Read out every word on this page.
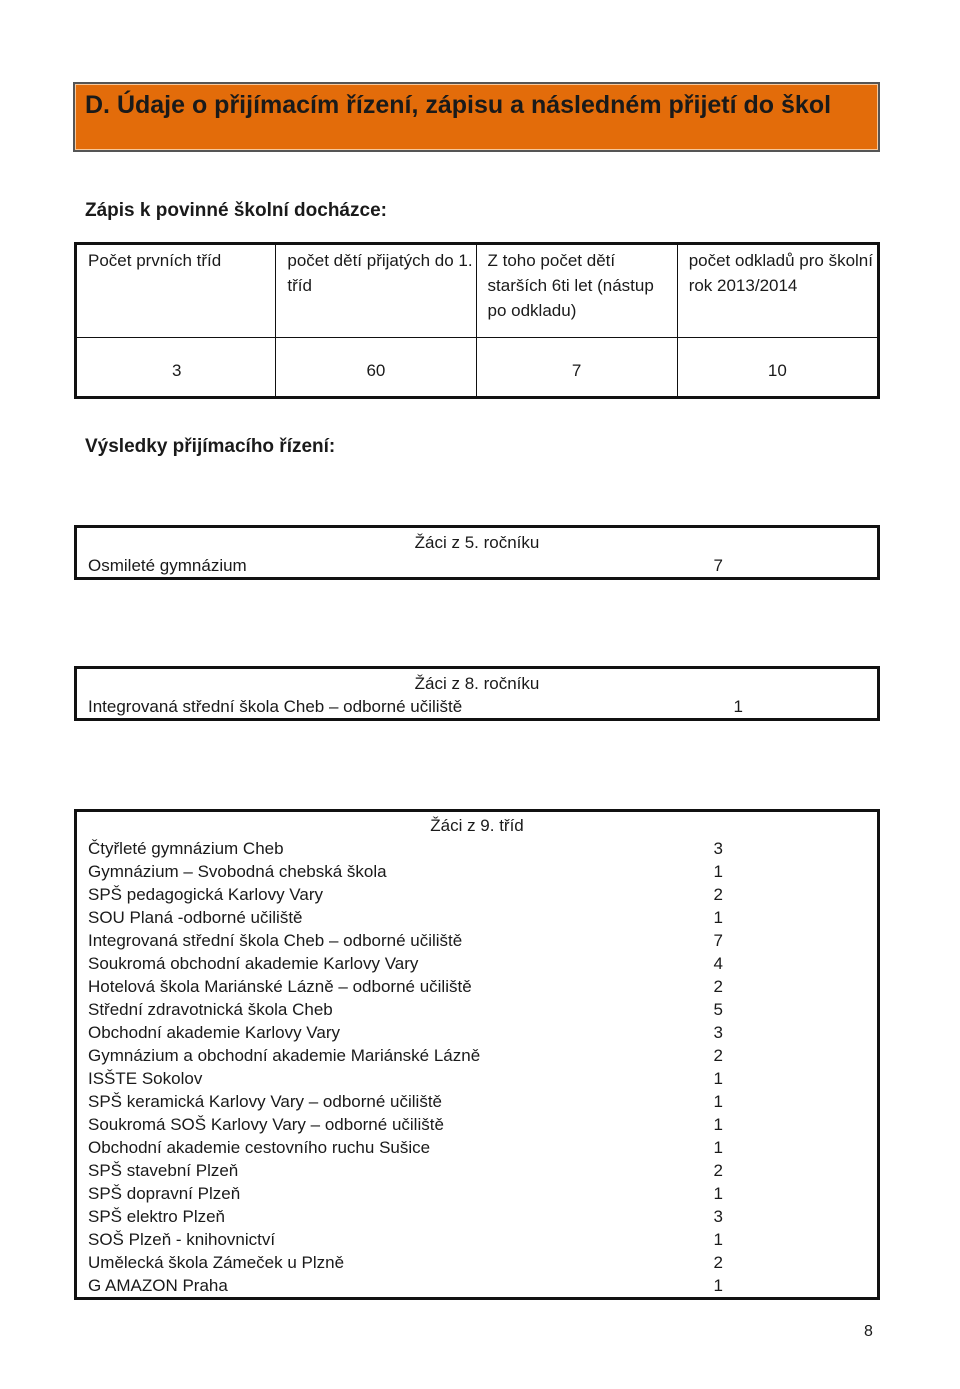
D. Údaje o přijímacím řízení, zápisu a následném přijetí do škol
Zápis k povinné školní docházce:
Počet prvních tříd	počet dětí přijatých do 1. tříd	Z toho počet dětí starších 6ti let (nástup po odkladu)	počet odkladů pro školní rok 2013/2014
3	60	7	10
Výsledky přijímacího řízení:
Žáci z 5. ročníku
Osmileté gymnázium	7
Žáci z 8. ročníku
Integrovaná střední škola Cheb – odborné učiliště	1
Žáci z 9. tříd	
Čtyřleté gymnázium Cheb	3
Gymnázium – Svobodná chebská škola	1
SPŠ pedagogická Karlovy Vary	2
SOU Planá -odborné učiliště	1
Integrovaná střední škola Cheb – odborné učiliště	7
Soukromá obchodní akademie Karlovy Vary	4
Hotelová škola Mariánské Lázně – odborné učiliště	2
Střední zdravotnická škola Cheb	5
Obchodní akademie Karlovy Vary	3
Gymnázium a obchodní akademie Mariánské Lázně	2
ISŠTE Sokolov	1
SPŠ keramická Karlovy Vary – odborné učiliště	1
Soukromá SOŠ Karlovy Vary – odborné učiliště	1
Obchodní akademie cestovního ruchu Sušice	1
SPŠ stavební Plzeň	2
SPŠ dopravní Plzeň	1
SPŠ elektro Plzeň	3
SOŠ Plzeň - knihovnictví	1
Umělecká škola Zámeček u Plzně	2
G AMAZON Praha	1
8
